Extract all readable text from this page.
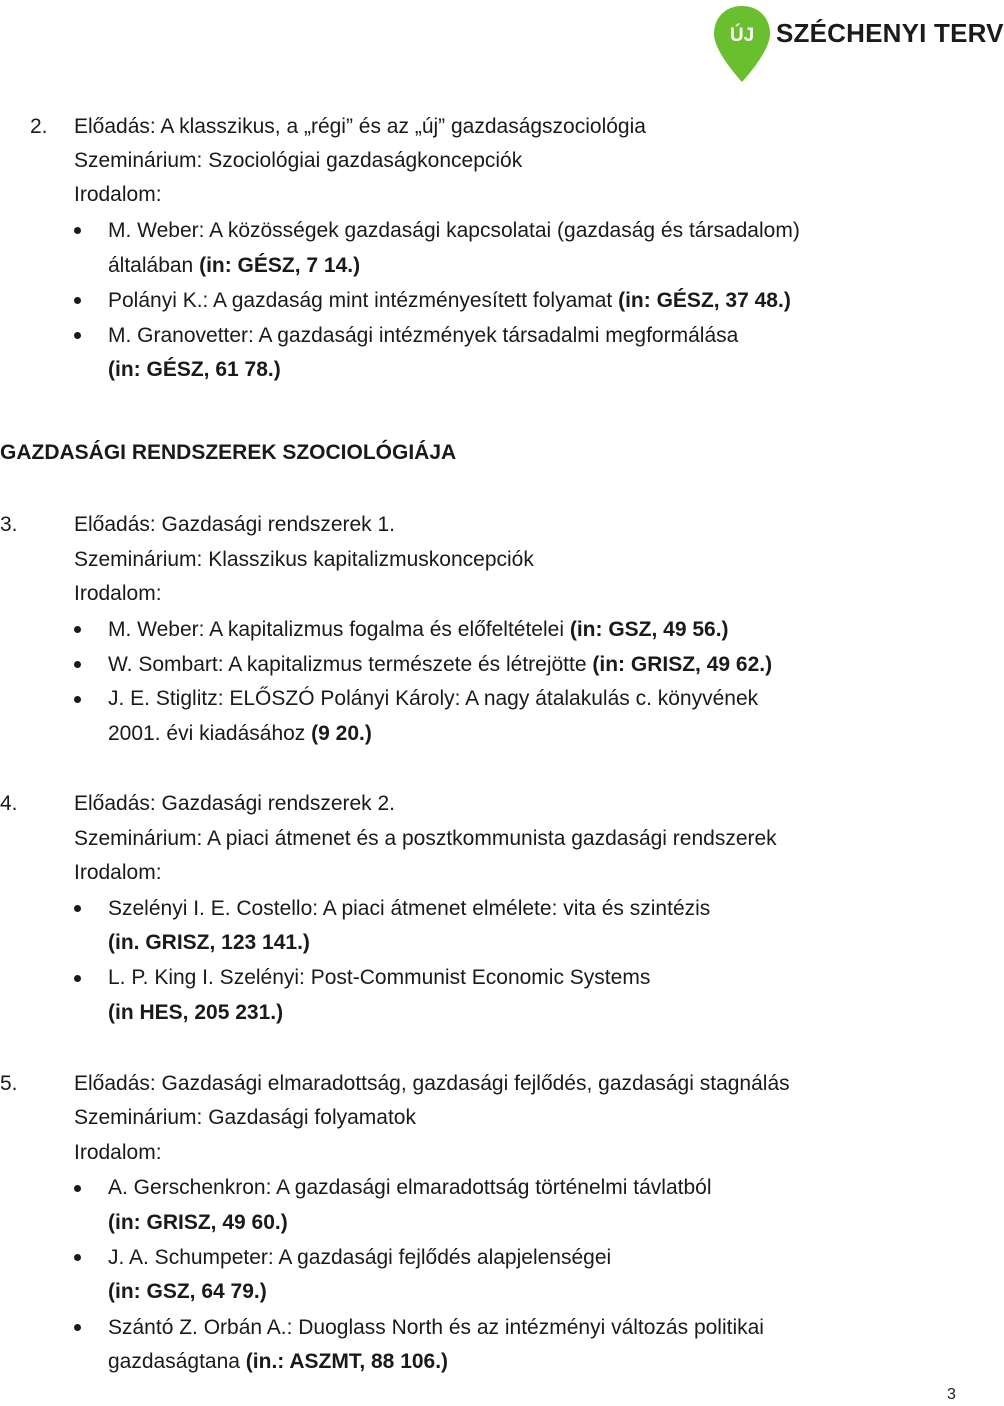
ÚJ SZÉCHENYI TERV
2. Előadás: A klasszikus, a „régi” és az „új” gazdaságszociológia
Szeminárium: Szociológiai gazdaságkoncepciók
Irodalom:
M. Weber: A közösségek gazdasági kapcsolatai (gazdaság és társadalom)
általában (in: GÉSZ, 7 14.)
Polányi K.: A gazdaság mint intézményesített folyamat (in: GÉSZ, 37 48.)
M. Granovetter: A gazdasági intézmények társadalmi megformálása
(in: GÉSZ, 61 78.)
GAZDASÁGI RENDSZEREK SZOCIOLÓGIÁJA
3.	Előadás: Gazdasági rendszerek 1.
Szeminárium: Klasszikus kapitalizmuskoncepciók
Irodalom:
M. Weber: A kapitalizmus fogalma és előfeltételei (in: GSZ, 49 56.)
W. Sombart: A kapitalizmus természete és létrejötte (in: GRISZ, 49 62.)
J. E. Stiglitz: ELŐSZÓ Polányi Károly: A nagy átalakulás c. könyvének
2001. évi kiadásához (9 20.)
4.	Előadás: Gazdasági rendszerek 2.
Szeminárium: A piaci átmenet és a posztkommunista gazdasági rendszerek
Irodalom:
Szelényi I. E. Costello: A piaci átmenet elmélete: vita és szintézis
(in. GRISZ, 123 141.)
L. P. King I. Szelényi: Post-Communist Economic Systems
(in HES, 205 231.)
5.	Előadás: Gazdasági elmaradottság, gazdasági fejlődés, gazdasági stagnálás
Szeminárium: Gazdasági folyamatok
Irodalom:
A. Gerschenkron: A gazdasági elmaradottság történelmi távlatból
(in: GRISZ, 49 60.)
J. A. Schumpeter: A gazdasági fejlődés alapjelenségei
(in: GSZ, 64 79.)
Szántó Z. Orbán A.: Duoglass North és az intézményi változás politikai
gazdaságtana (in.: ASZMT, 88 106.)
3
